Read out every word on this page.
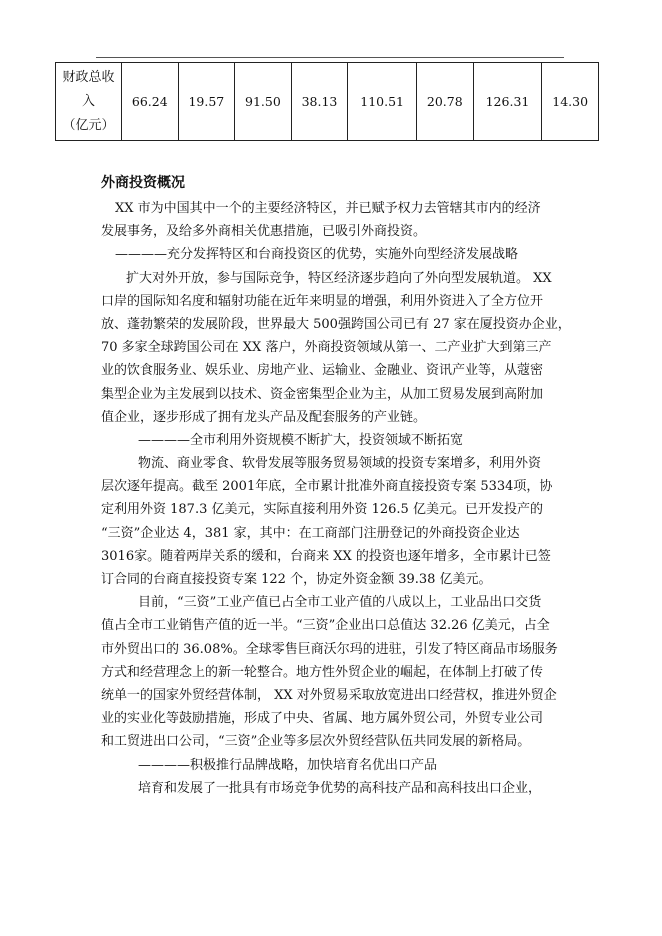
财政总收
入
（亿元）
	66.24	19.57	91.50	38.13	110.51	20.78	126.31	14.30
外商投资概况
XX 市为中国其中一个的主要经济特区，并已赋予权力去管辖其市内的经济
发展事务，及给多外商相关优惠措施，已吸引外商投资。
————充分发挥特区和台商投资区的优势，实施外向型经济发展战略
扩大对外开放，参与国际竞争，特区经济逐步趋向了外向型发展轨道。 XX
口岸的国际知名度和辐射功能在近年来明显的增强，利用外资进入了全方位开
放、蓬勃繁荣的发展阶段，世界最大 500强跨国公司已有 27 家在厦投资办企业，
70 多家全球跨国公司在 XX 落户，外商投资领域从第一、二产业扩大到第三产
业的饮食服务业、娱乐业、房地产业、运输业、金融业、资讯产业等，从蔻密
集型企业为主发展到以技术、资金密集型企业为主，从加工贸易发展到高附加
值企业，逐步形成了拥有龙头产品及配套服务的产业链。
————全市利用外资规模不断扩大，投资领域不断拓宽
物流、商业零食、软骨发展等服务贸易领域的投资专案增多，利用外资
层次逐年提高。截至 2001年底，全市累计批准外商直接投资专案 5334项，协
定利用外资 187.3 亿美元，实际直接利用外资 126.5 亿美元。已开发投产的
“三资”企业达 4，381 家，其中：在工商部门注册登记的外商投资企业达
3016家。随着两岸关系的缓和，台商来 XX 的投资也逐年增多，全市累计已签
订合同的台商直接投资专案 122 个，协定外资金额 39.38 亿美元。
目前，“三资”工业产值已占全市工业产值的八成以上，工业品出口交货
值占全市工业销售产值的近一半。“三资”企业出口总值达 32.26 亿美元，占全
市外贸出口的 36.08%。全球零售巨商沃尔玛的进驻，引发了特区商品市场服务
方式和经营理念上的新一轮整合。地方性外贸企业的崛起，在体制上打破了传
统单一的国家外贸经营体制， XX 对外贸易采取放宽进出口经营权，推进外贸企
业的实业化等鼓励措施，形成了中央、省属、地方属外贸公司，外贸专业公司
和工贸进出口公司，“三资”企业等多层次外贸经营队伍共同发展的新格局。
————积极推行品牌战略，加快培育名优出口产品
培育和发展了一批具有市场竞争优势的高科技产品和高科技出口企业，
